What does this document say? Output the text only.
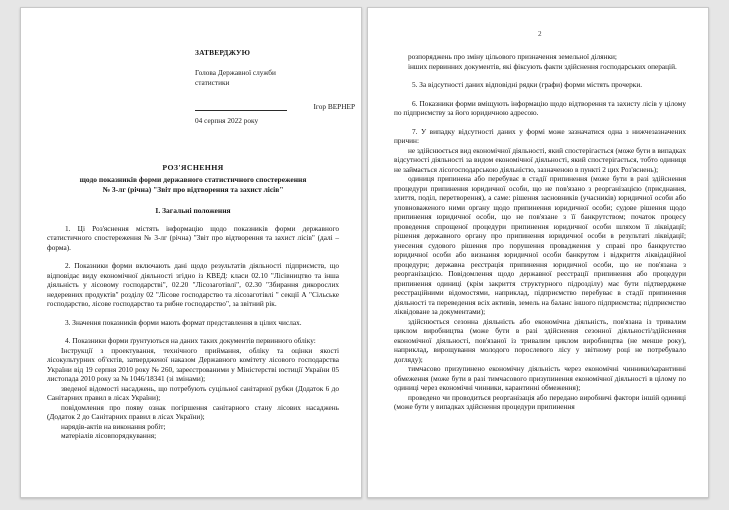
ЗАТВЕРДЖУЮ
Голова Державної служби
статистики
Ігор ВЕРНЕР
04 серпня 2022 року
РОЗ'ЯСНЕННЯ
щодо показників форми державного статистичного спостереження
№ 3-лг (річна) "Звіт про відтворення та захист лісів"
I. Загальні положення

1. Ці Роз'яснення містять інформацію щодо показників форми державного статистичного спостереження № 3-лг (річна) "Звіт про відтворення та захист лісів" (далі – форма).

2. Показники форми включають дані щодо результатів діяльності підприємств, що відповідає виду економічної діяльності згідно із КВЕД: класи 02.10 "Лісівництво та інша діяльність у лісовому господарстві", 02.20 "Лісозаготівлі", 02.30 "Збирання дикорослих недеревних продуктів" розділу 02 "Лісове господарство та лісозаготівлі " секції А "Сільське господарство, лісове господарство та рибне господарство", за звітний рік.

3. Значення показників форми мають формат представлення в цілих числах.

4. Показники форми ґрунтуються на даних таких документів первинного обліку:

Інструкції з проектування, технічного приймання, обліку та оцінки якості лісокультурних об'єктів, затвердженої наказом Державного комітету лісового господарства України від 19 серпня 2010 року № 260, зареєстрованими у Міністерстві юстиції України 05 листопада 2010 року за № 1046/18341 (зі змінами);

зведеної відомості насаджень, що потребують суцільної санітарної рубки (Додаток 6 до Санітарних правил в лісах України);

повідомлення про появу ознак погіршення санітарного стану лісових насаджень (Додаток 2 до Санітарних правил в лісах України);

нарядів-актів на виконання робіт;

матеріалів лісовпорядкування;

2

розпоряджень про зміну цільового призначення земельної ділянки;

інших первинних документів, які фіксують факти здійснення господарських операцій.

5. За відсутності даних відповідні рядки (графи) форми містять прочерки.

6. Показники форми вміщують інформацію щодо відтворення та захисту лісів у цілому по підприємству за його юридичною адресою.

7. У випадку відсутності даних у формі може зазначатися одна з нижчезазначених причин:

не здійснюється вид економічної діяльності, який спостерігається (може бути в випадках відсутності діяльності за видом економічної діяльності, який спостерігається, тобто одиниця не займається лісогосподарською діяльністю, зазначеною в пункті 2 цих Роз'яснень);

одиниця припинена або перебуває в стадії припинення (може бути в разі здійснення процедури припинення юридичної особи, що не пов'язано з реорганізацією (приєднання, злиття, поділ, перетворення), а саме: рішення засновників (учасників) юридичної особи або уповноваженого ними органу щодо припинення юридичної особи; судове рішення щодо припинення юридичної особи, що не пов'язане з її банкрутством; початок процесу проведення спрощеної процедури припинення юридичної особи шляхом її ліквідації; рішення державного органу про припинення юридичної особи в результаті ліквідації; унесення судового рішення про порушення провадження у справі про банкрутство юридичної особи або визнання юридичної особи банкрутом і відкриття ліквідаційної процедури; державна реєстрація припинення юридичної особи, що не пов'язана з реорганізацією. Повідомлення щодо державної реєстрації припинення або процедури припинення одиниці (крім закриття структурного підрозділу) має бути підтверджене реєстраційними відомостями, наприклад, підприємство перебуває в стадії припинення діяльності та переведення всіх активів, земель на баланс іншого підприємства; підприємство ліквідоване за документами);

здійснюється сезонна діяльність або економічна діяльність, пов'язана із тривалим циклом виробництва (може бути в разі здійснення сезонної діяльності/здійснення економічної діяльності, пов'язаної із тривалим циклом виробництва (не менше року), наприклад, вирощування молодого порослевого лісу у звітному році не потребувало догляду);

тимчасово призупинено економічну діяльність через економічні чинники/карантинні обмеження (може бути в разі тимчасового призупинення економічної діяльності в цілому по одиниці через економічні чинники, карантинні обмеження);

проведено чи проводиться реорганізація або передано виробничі фактори іншій одиниці (може бути у випадках здійснення процедури припинення
